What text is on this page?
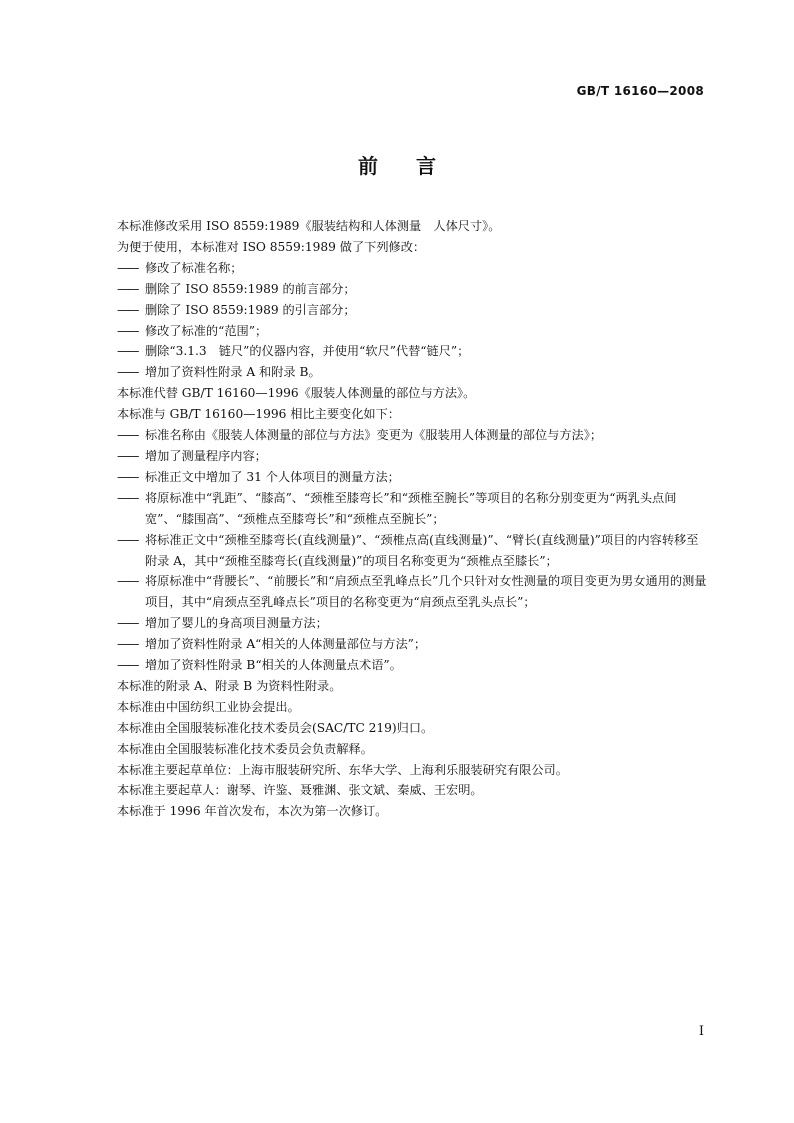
GB/T 16160—2008
前言

本标准修改采用 ISO 8559:1989《服装结构和人体测量　人体尺寸》。

为便于使用，本标准对 ISO 8559:1989 做了下列修改：

—— 修改了标准名称；
—— 删除了 ISO 8559:1989 的前言部分；
—— 删除了 ISO 8559:1989 的引言部分；
—— 修改了标准的“范围”；
—— 删除“3.1.3　链尺”的仪器内容，并使用“软尺”代替“链尺”；
—— 增加了资料性附录 A 和附录 B。

本标准代替 GB/T 16160—1996《服装人体测量的部位与方法》。

本标准与 GB/T 16160—1996 相比主要变化如下：

—— 标准名称由《服装人体测量的部位与方法》变更为《服装用人体测量的部位与方法》；
—— 增加了测量程序内容；
—— 标准正文中增加了 31 个人体项目的测量方法；
—— 将原标准中“乳距”、“膝高”、“颈椎至膝弯长”和“颈椎至腕长”等项目的名称分别变更为“两乳头点间宽”、“膝围高”、“颈椎点至膝弯长”和“颈椎点至腕长”；
—— 将标准正文中“颈椎至膝弯长(直线测量)”、“颈椎点高(直线测量)”、“臂长(直线测量)”项目的内容转移至附录 A，其中“颈椎至膝弯长(直线测量)”的项目名称变更为“颈椎点至膝长”；
—— 将原标准中“背腰长”、“前腰长”和“肩颈点至乳峰点长”几个只针对女性测量的项目变更为男女通用的测量项目，其中“肩颈点至乳峰点长”项目的名称变更为“肩颈点至乳头点长”；
—— 增加了婴儿的身高项目测量方法；
—— 增加了资料性附录 A“相关的人体测量部位与方法”；
—— 增加了资料性附录 B“相关的人体测量点术语”。

本标准的附录 A、附录 B 为资料性附录。

本标准由中国纺织工业协会提出。

本标准由全国服装标准化技术委员会(SAC/TC 219)归口。

本标准由全国服装标准化技术委员会负责解释。

本标准主要起草单位：上海市服装研究所、东华大学、上海利乐服装研究有限公司。

本标准主要起草人：谢琴、许鉴、聂雅渊、张文斌、秦威、王宏明。

本标准于 1996 年首次发布，本次为第一次修订。

I
